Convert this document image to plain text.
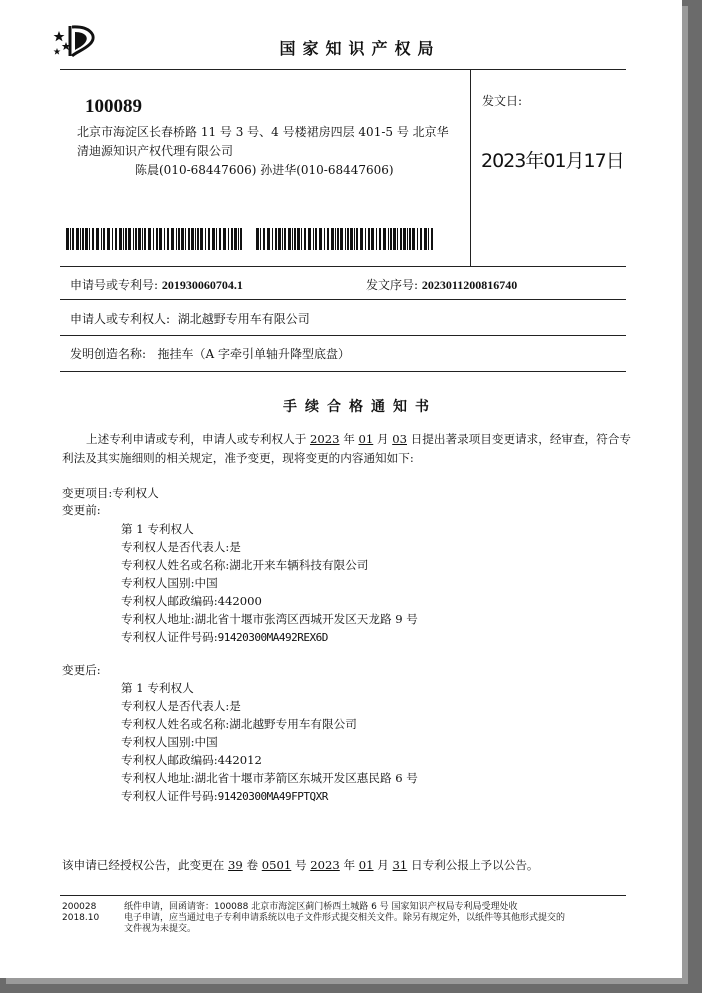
国家知识产权局
100089
北京市海淀区长春桥路 11 号 3 号、4 号楼裙房四层 401-5 号 北京华
清迪源知识产权代理有限公司
陈晨(010-68447606) 孙进华(010-68447606)
发文日:
2023年01月17日
申请号或专利号: 201930060704.1	发文序号: 2023011200816740
申请人或专利权人: 湖北越野专用车有限公司
发明创造名称: 拖挂车（A 字牵引单轴升降型底盘）
手续合格通知书
上述专利申请或专利，申请人或专利权人于 2023 年 01 月 03 日提出著录项目变更请求，经审查，符合专利法及其实施细则的相关规定，准予变更，现将变更的内容通知如下:
变更项目:专利权人
变更前:
第 1 专利权人
专利权人是否代表人:是
专利权人姓名或名称:湖北开来车辆科技有限公司
专利权人国别:中国
专利权人邮政编码:442000
专利权人地址:湖北省十堰市张湾区西城开发区天龙路 9 号
专利权人证件号码:91420300MA492REX6D
变更后:
第 1 专利权人
专利权人是否代表人:是
专利权人姓名或名称:湖北越野专用车有限公司
专利权人国别:中国
专利权人邮政编码:442012
专利权人地址:湖北省十堰市茅箭区东城开发区惠民路 6 号
专利权人证件号码:91420300MA49FPTQXR
该申请已经授权公告，此变更在 39 卷 0501 号 2023 年 01 月 31 日专利公报上予以公告。
200028
2018.10
纸件申请，回函请寄：100088 北京市海淀区蓟门桥西土城路 6 号 国家知识产权局专利局受理处收
电子申请，应当通过电子专利申请系统以电子文件形式提交相关文件。除另有规定外，以纸件等其他形式提交的
文件视为未提交。
